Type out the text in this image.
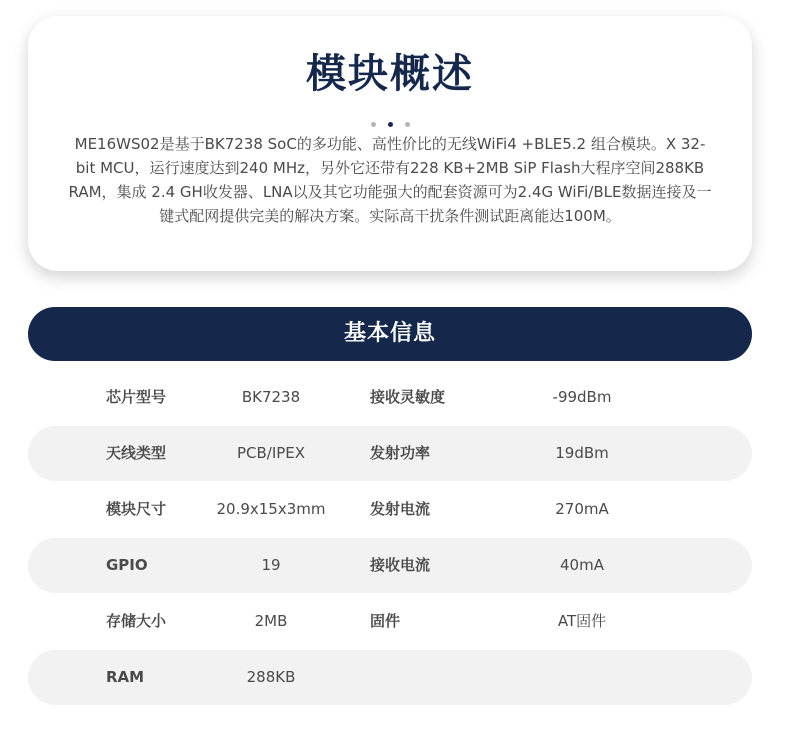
模块概述

ME16WS02是基于BK7238 SoC的多功能、高性价比的无线WiFi4 +BLE5.2 组合模块。X 32-bit MCU，运行速度达到240 MHz，另外它还带有228 KB+2MB SiP Flash大程序空间288KB RAM，集成 2.4 GH收发器、LNA以及其它功能强大的配套资源可为2.4G WiFi/BLE数据连接及一键式配网提供完美的解决方案。实际高干扰条件测试距离能达100M。

基本信息
芯片型号	BK7238	接收灵敏度	-99dBm
天线类型	PCB/IPEX	发射功率	19dBm
模块尺寸	20.9x15x3mm	发射电流	270mA
GPIO	19	接收电流	40mA
存储大小	2MB	固件	AT固件
RAM	288KB
